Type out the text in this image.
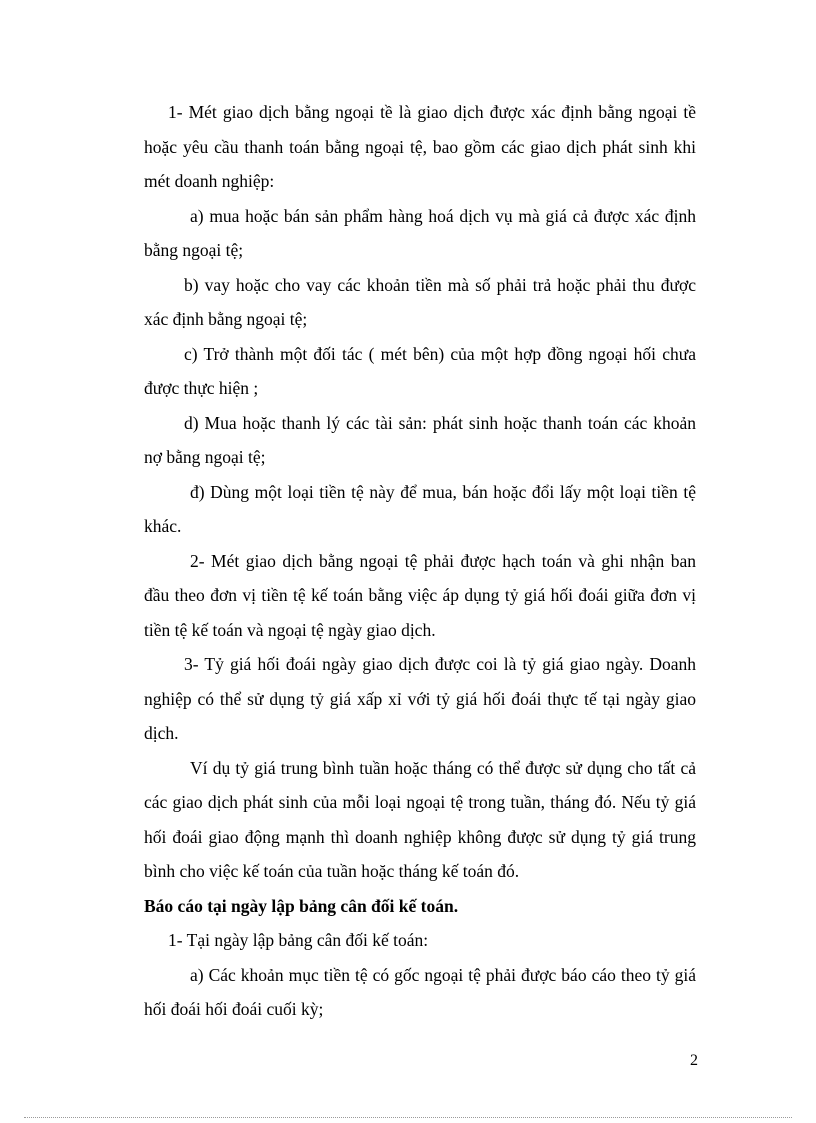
1- Mét giao dịch bằng ngoại tề là giao dịch được xác định bằng ngoại tề hoặc yêu cầu thanh toán bằng ngoại tệ, bao gồm các giao dịch phát sinh khi mét doanh nghiệp:

a) mua hoặc bán sản phẩm hàng hoá dịch vụ mà giá cả được xác định bằng ngoại tệ;

b) vay hoặc cho vay các khoản tiền mà số phải trả hoặc phải thu được xác định bằng ngoại tệ;

c) Trở thành một đối tác ( mét bên) của một hợp đồng ngoại hối chưa được thực hiện ;

d) Mua hoặc thanh lý các tài sản: phát sinh hoặc thanh toán các khoản nợ bằng ngoại tệ;

đ) Dùng một loại tiền tệ này để mua, bán hoặc đổi lấy một loại tiền tệ khác.

2- Mét giao dịch bằng ngoại tệ phải được hạch toán và ghi nhận ban đầu theo đơn vị tiền tệ kế toán bằng việc áp dụng tỷ giá hối đoái giữa đơn vị tiền tệ kế toán và ngoại tệ ngày giao dịch.

3- Tỷ giá hối đoái ngày giao dịch được coi là tỷ giá giao ngày. Doanh nghiệp có thể sử dụng tỷ giá xấp xỉ với tỷ giá hối đoái thực tế tại ngày giao dịch.

Ví dụ tỷ giá trung bình tuần hoặc tháng có thể được sử dụng cho tất cả các giao dịch phát sinh của mỗi loại ngoại tệ trong tuần, tháng đó. Nếu tỷ giá hối đoái giao động mạnh thì doanh nghiệp không được sử dụng tỷ giá trung bình cho việc kế toán của tuần hoặc tháng kế toán đó.

Báo cáo tại ngày lập bảng cân đối kế toán.

1- Tại ngày lập bảng cân đối kế toán:

a) Các khoản mục tiền tệ có gốc ngoại tệ phải được báo cáo theo tỷ giá hối đoái hối đoái cuối kỳ;

2
